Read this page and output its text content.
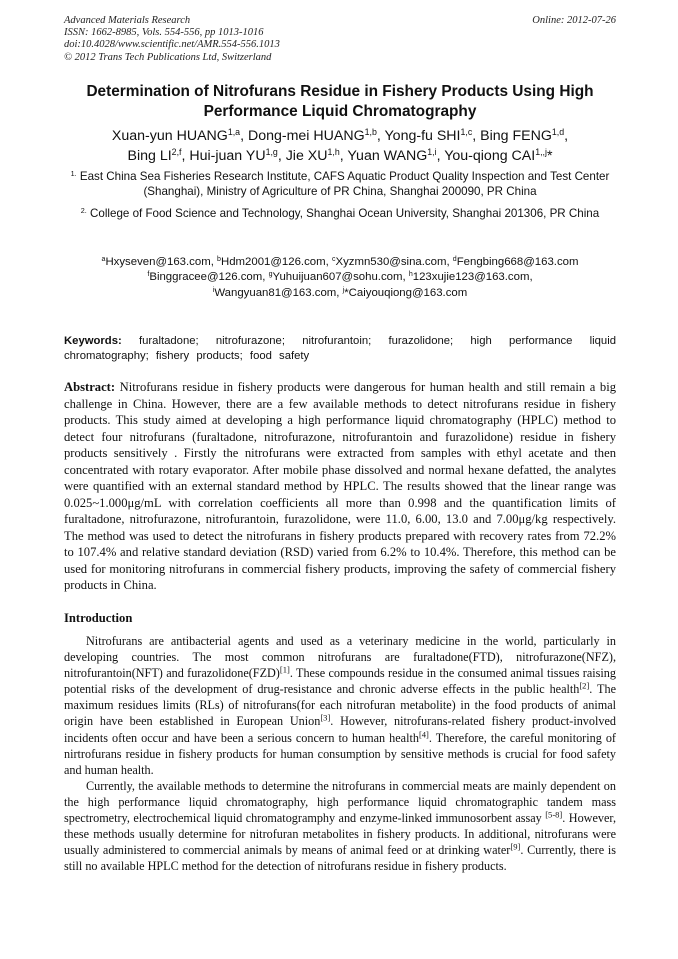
Advanced Materials Research
ISSN: 1662-8985, Vols. 554-556, pp 1013-1016
doi:10.4028/www.scientific.net/AMR.554-556.1013
© 2012 Trans Tech Publications Ltd, Switzerland
Online: 2012-07-26
Determination of Nitrofurans Residue in Fishery Products Using High Performance Liquid Chromatography
Xuan-yun HUANG$^{1,a}$, Dong-mei HUANG$^{1,b}$, Yong-fu SHI$^{1,c}$, Bing FENG$^{1,d}$,
Bing LI$^{2,f}$, Hui-juan YU$^{1,g}$, Jie XU$^{1,h}$, Yuan WANG$^{1,i}$, You-qiong $CAI^{1,,j}*$
$^{1.}$ East China Sea Fisheries Research Institute, CAFS Aquatic Product Quality Inspection and Test Center (Shanghai), Ministry of Agriculture of PR China, Shanghai 200090, PR China
$^{2.}$ College of Food Science and Technology, Shanghai Ocean University, Shanghai 201306, PR China
$^a$Hxyseven@163.com, $^b$Hdm2001@126.com, $^c$Xyzmn530@sina.com, $^d$Fengbing668@163.com
$^f$Binggracee@126.com, $^g$Yuhuijuan607@sohu.com, $^h$123xujie123@163.com,
$^i$Wangyuan81@163.com, $^j$*Caiyouqiong@163.com
Keywords: furaltadone; nitrofurazone; nitrofurantoin; furazolidone; high performance liquid chromatography; fishery products; food safety
Abstract: Nitrofurans residue in fishery products were dangerous for human health and still remain a big challenge in China. However, there are a few available methods to detect nitrofurans residue in fishery products. This study aimed at developing a high performance liquid chromatography (HPLC) method to detect four nitrofurans (furaltadone, nitrofurazone, nitrofurantoin and furazolidone) residue in fishery products sensitively . Firstly the nitrofurans were extracted from samples with ethyl acetate and then concentrated with rotary evaporator. After mobile phase dissolved and normal hexane defatted, the analytes were quantified with an external standard method by HPLC. The results showed that the linear range was 0.025~1.000μg/mL with correlation coefficients all more than 0.998 and the quantification limits of furaltadone, nitrofurazone, nitrofurantoin, furazolidone, were 11.0, 6.00, 13.0 and 7.00μg/kg respectively. The method was used to detect the nitrofurans in fishery products prepared with recovery rates from 72.2% to 107.4% and relative standard deviation (RSD) varied from 6.2% to 10.4%. Therefore, this method can be used for monitoring nitrofurans in commercial fishery products, improving the safety of commercial fishery products in China.
Introduction

Nitrofurans are antibacterial agents and used as a veterinary medicine in the world, particularly in developing countries. The most common nitrofurans are furaltadone(FTD), nitrofurazone(NFZ), nitrofurantoin(NFT) and furazolidone(FZD)[1]. These compounds residue in the consumed animal tissues raising potential risks of the development of drug-resistance and chronic adverse effects in the public health[2]. The maximum residues limits (RLs) of nitrofurans(for each nitrofuran metabolite) in the food products of animal origin have been established in European Union[3]. However, nitrofurans-related fishery product-involved incidents often occur and have been a serious concern to human health[4]. Therefore, the careful monitoring of nirtrofurans residue in fishery products for human consumption by sensitive methods is crucial for food safety and human health.

Currently, the available methods to determine the nitrofurans in commercial meats are mainly dependent on the high performance liquid chromatography, high performance liquid chromatographic tandem mass spectrometry, electrochemical liquid chromatogramphy and enzyme-linked immunosorbent assay [5-8]. However, these methods usually determine for nitrofuran metabolites in fishery products. In additional, nitrofurans were usually administered to commercial animals by means of animal feed or at drinking water[9]. Currently, there is still no available HPLC method for the detection of nitrofurans residue in fishery products.
